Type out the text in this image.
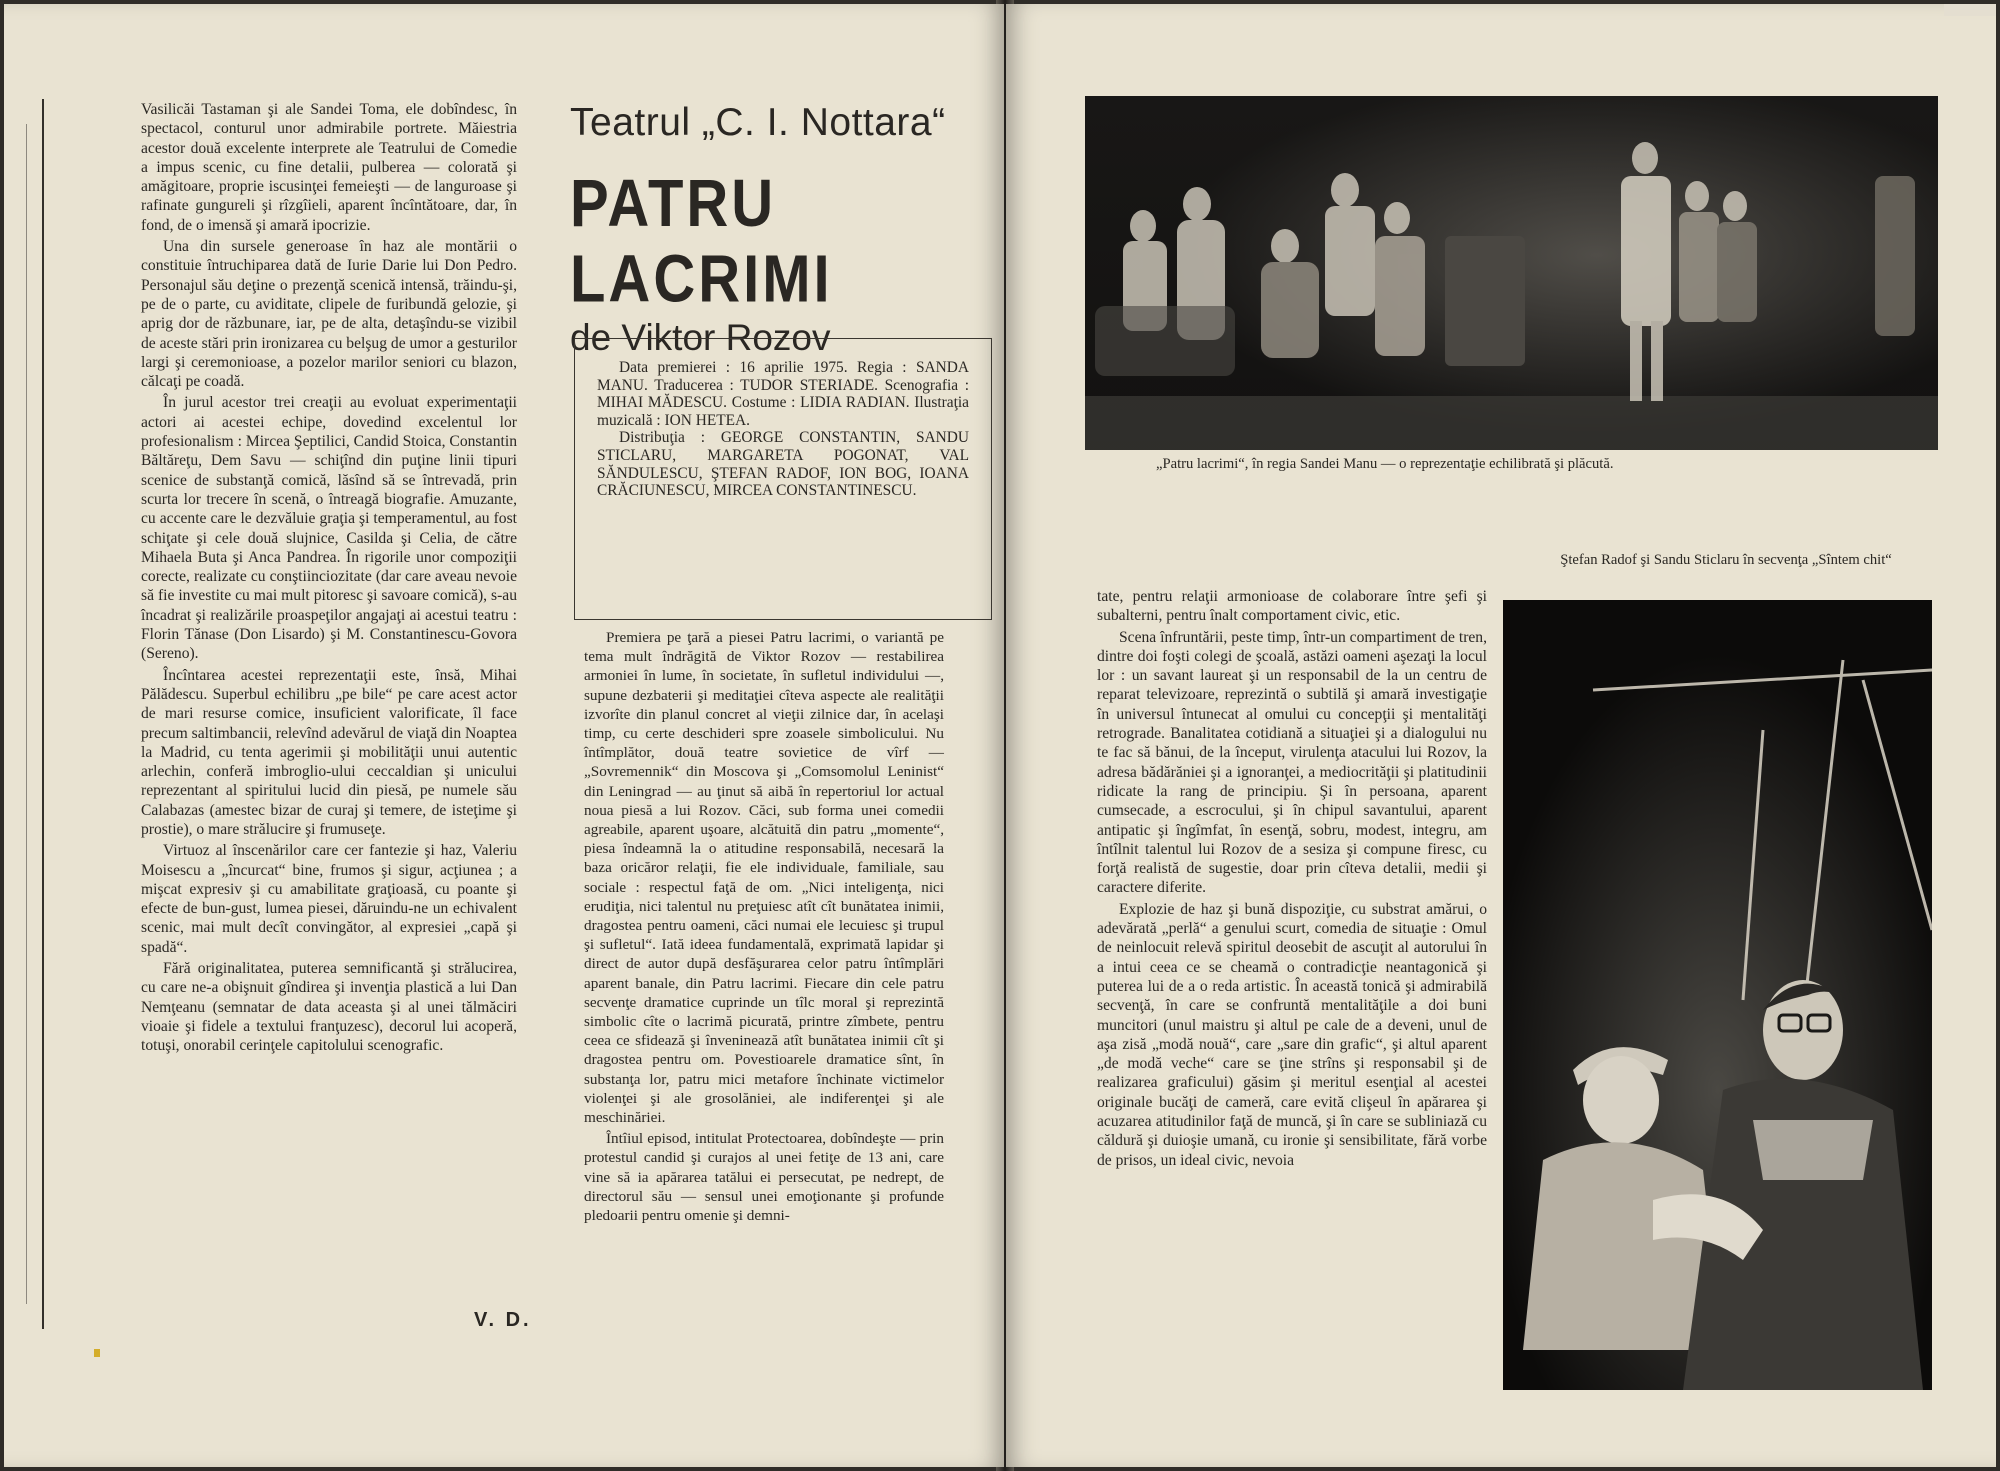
Vasilicăi Tastaman şi ale Sandei Toma, ele dobîndesc, în spectacol, conturul unor admirabile portrete. Măiestria acestor două excelente interprete ale Teatrului de Comedie a impus scenic, cu fine detalii, pulberea — colorată şi amăgitoare, proprie iscusinţei femeieşti — de languroase şi rafinate gungureli şi rîzgîieli, aparent încîntătoare, dar, în fond, de o imensă şi amară ipocrizie.

Una din sursele generoase în haz ale montării o constituie întruchiparea dată de Iurie Darie lui Don Pedro. Personajul său deţine o prezenţă scenică intensă, trăindu-şi, pe de o parte, cu aviditate, clipele de furibundă gelozie, şi aprig dor de răzbunare, iar, pe de alta, detaşîndu-se vizibil de aceste stări prin ironizarea cu belşug de umor a gesturilor largi şi ceremonioase, a pozelor marilor seniori cu blazon, călcaţi pe coadă.

În jurul acestor trei creaţii au evoluat experimentaţii actori ai acestei echipe, dovedind excelentul lor profesionalism : Mircea Şeptilici, Candid Stoica, Constantin Băltăreţu, Dem Savu — schiţînd din puţine linii tipuri scenice de substanţă comică, lăsînd să se întrevadă, prin scurta lor trecere în scenă, o întreagă biografie. Amuzante, cu accente care le dezvăluie graţia şi temperamentul, au fost schiţate şi cele două slujnice, Casilda şi Celia, de către Mihaela Buta şi Anca Pandrea. În rigorile unor compoziţii corecte, realizate cu conştiinciozitate (dar care aveau nevoie să fie investite cu mai mult pitoresc şi savoare comică), s-au încadrat şi realizările proaspeţilor angajaţi ai acestui teatru : Florin Tănase (Don Lisardo) şi M. Constantinescu-Govora (Sereno).

Încîntarea acestei reprezentaţii este, însă, Mihai Pălădescu. Superbul echilibru „pe bile“ pe care acest actor de mari resurse comice, insuficient valorificate, îl face precum saltimbancii, relevînd adevărul de viaţă din Noaptea la Madrid, cu tenta agerimii şi mobilităţii unui autentic arlechin, conferă imbroglio-ului ceccaldian şi unicului reprezentant al spiritului lucid din piesă, pe numele său Calabazas (amestec bizar de curaj şi temere, de isteţime şi prostie), o mare strălucire şi frumuseţe.

Virtuoz al înscenărilor care cer fantezie şi haz, Valeriu Moisescu a „încurcat“ bine, frumos şi sigur, acţiunea ; a mişcat expresiv şi cu amabilitate graţioasă, cu poante şi efecte de bun-gust, lumea piesei, dăruindu-ne un echivalent scenic, mai mult decît convingător, al expresiei „capă şi spadă“.

Fără originalitatea, puterea semnificantă şi strălucirea, cu care ne-a obişnuit gîndirea şi invenţia plastică a lui Dan Nemţeanu (semnatar de data aceasta şi al unei tălmăciri vioaie şi fidele a textului franţuzesc), decorul lui acoperă, totuşi, onorabil cerinţele capitolului scenografic.

V. D.
Teatrul „C. I. Nottara“
PATRU LACRIMI
de Viktor Rozov

Data premierei : 16 aprilie 1975. Regia : SANDA MANU. Traducerea : TUDOR STERIADE. Scenografia : MIHAI MĂDESCU. Costume : LIDIA RADIAN. Ilustraţia muzicală : ION HETEA.

Distribuţia : GEORGE CONSTANTIN, SANDU STICLARU, MARGARETA POGONAT, VAL SĂNDULESCU, ŞTEFAN RADOF, ION BOG, IOANA CRĂCIUNESCU, MIRCEA CONSTANTINESCU.

Premiera pe ţară a piesei Patru lacrimi, o variantă pe tema mult îndrăgită de Viktor Rozov — restabilirea armoniei în lume, în societate, în sufletul individului —, supune dezbaterii şi meditaţiei cîteva aspecte ale realităţii izvorîte din planul concret al vieţii zilnice dar, în acelaşi timp, cu certe deschideri spre zoasele simbolicului. Nu întîmplător, două teatre sovietice de vîrf — „Sovremennik“ din Moscova şi „Comsomolul Leninist“ din Leningrad — au ţinut să aibă în repertoriul lor actual noua piesă a lui Rozov. Căci, sub forma unei comedii agreabile, aparent uşoare, alcătuită din patru „momente“, piesa îndeamnă la o atitudine responsabilă, necesară la baza oricăror relaţii, fie ele individuale, familiale, sau sociale : respectul faţă de om. „Nici inteligenţa, nici erudiţia, nici talentul nu preţuiesc atît cît bunătatea inimii, dragostea pentru oameni, căci numai ele lecuiesc şi trupul şi sufletul“. Iată ideea fundamentală, exprimată lapidar şi direct de autor după desfăşurarea celor patru întîmplări aparent banale, din Patru lacrimi. Fiecare din cele patru secvenţe dramatice cuprinde un tîlc moral şi reprezintă simbolic cîte o lacrimă picurată, printre zîmbete, pentru ceea ce sfidează şi înveninează atît bunătatea inimii cît şi dragostea pentru om. Povestioarele dramatice sînt, în substanţa lor, patru mici metafore închinate victimelor violenţei şi ale grosolăniei, ale indiferenţei şi ale meschinăriei.

Întîiul episod, intitulat Protectoarea, dobîndeşte — prin protestul candid şi curajos al unei fetiţe de 13 ani, care vine să ia apărarea tatălui ei persecutat, pe nedrept, de directorul său — sensul unei emoţionante şi profunde pledoarii pentru omenie şi demni-

„Patru lacrimi“, în regia Sandei Manu — o reprezentaţie echilibrată şi plăcută.
Ştefan Radof şi Sandu Sticlaru în secvenţa „Sîntem chit“

tate, pentru relaţii armonioase de colaborare între şefi şi subalterni, pentru înalt comportament civic, etic.

Scena înfruntării, peste timp, într-un compartiment de tren, dintre doi foşti colegi de şcoală, astăzi oameni aşezaţi la locul lor : un savant laureat şi un responsabil de la un centru de reparat televizoare, reprezintă o subtilă şi amară investigaţie în universul întunecat al omului cu concepţii şi mentalităţi retrograde. Banalitatea cotidiană a situaţiei şi a dialogului nu te fac să bănui, de la început, virulenţa atacului lui Rozov, la adresa bădărăniei şi a ignoranţei, a mediocrităţii şi platitudinii ridicate la rang de principiu. Şi în persoana, aparent cumsecade, a escrocului, şi în chipul savantului, aparent antipatic şi îngîmfat, în esenţă, sobru, modest, integru, am întîlnit talentul lui Rozov de a sesiza şi compune firesc, cu forţă realistă de sugestie, doar prin cîteva detalii, medii şi caractere diferite.

Explozie de haz şi bună dispoziţie, cu substrat amărui, o adevărată „perlă“ a genului scurt, comedia de situaţie : Omul de neinlocuit relevă spiritul deosebit de ascuţit al autorului în a intui ceea ce se cheamă o contradicţie neantagonică şi puterea lui de a o reda artistic. În această tonică şi admirabilă secvenţă, în care se confruntă mentalităţile a doi buni muncitori (unul maistru şi altul pe cale de a deveni, unul de aşa zisă „modă nouă“, care „sare din grafic“, şi altul aparent „de modă veche“ care se ţine strîns şi responsabil şi de realizarea graficului) găsim şi meritul esenţial al acestei originale bucăţi de cameră, care evită clişeul în apărarea şi acuzarea atitudinilor faţă de muncă, şi în care se subliniază cu căldură şi duioşie umană, cu ironie şi sensibilitate, fără vorbe de prisos, un ideal civic, nevoia
